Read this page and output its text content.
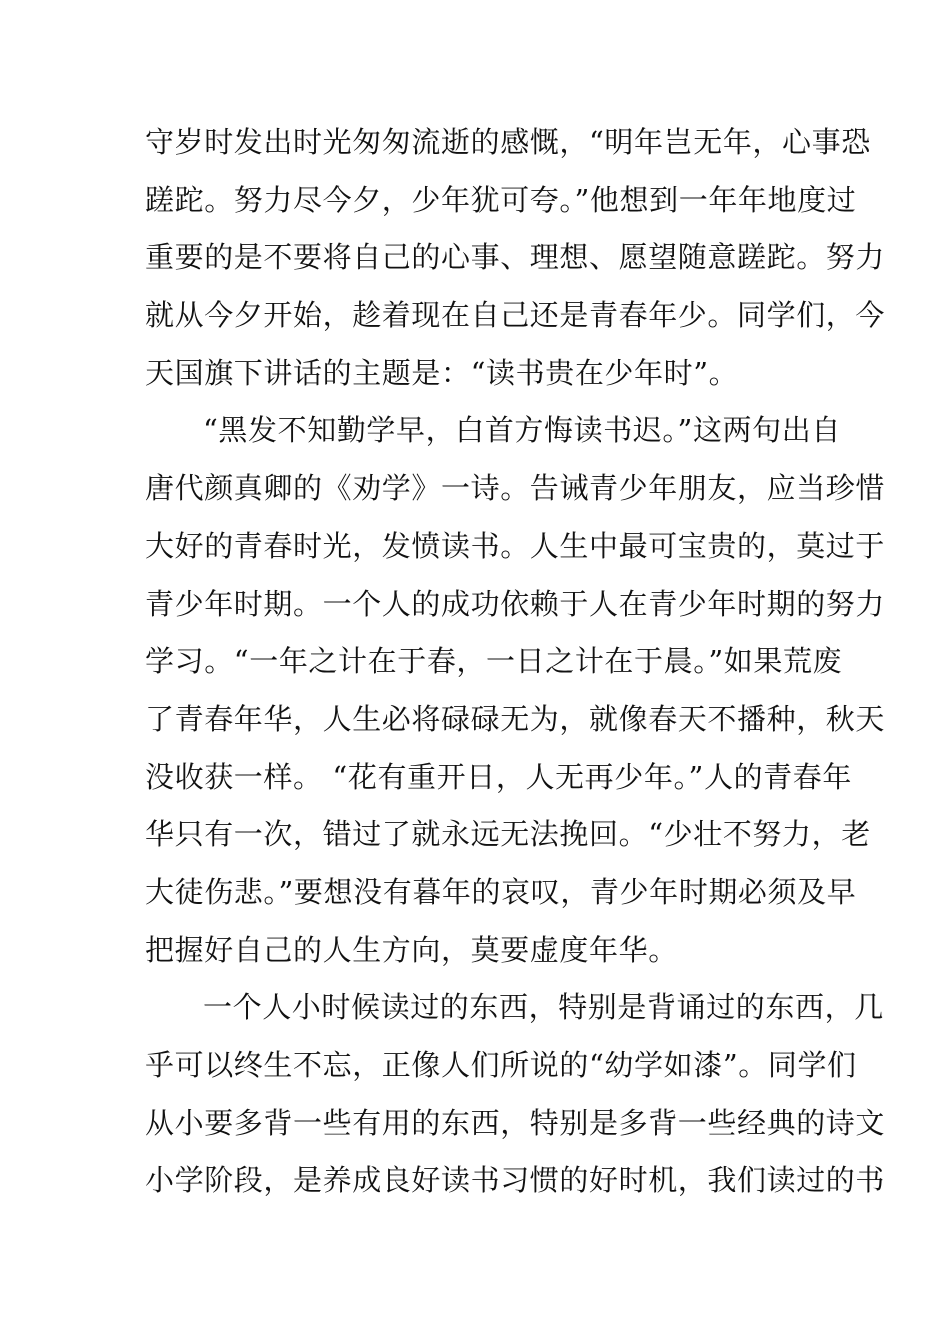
守岁时发出时光匆匆流逝的感慨，“明年岂无年，心事恐
蹉跎。努力尽今夕，少年犹可夸。”他想到一年年地度过
重要的是不要将自己的心事、理想、愿望随意蹉跎。努力
就从今夕开始，趁着现在自己还是青春年少。同学们，今
天国旗下讲话的主题是：“读书贵在少年时”。
“黑发不知勤学早，白首方悔读书迟。”这两句出自
唐代颜真卿的《劝学》一诗。告诫青少年朋友，应当珍惜
大好的青春时光，发愤读书。人生中最可宝贵的，莫过于
青少年时期。一个人的成功依赖于人在青少年时期的努力
学习。“一年之计在于春，一日之计在于晨。”如果荒废
了青春年华，人生必将碌碌无为，就像春天不播种，秋天
没收获一样。 “花有重开日，人无再少年。”人的青春年
华只有一次，错过了就永远无法挽回。“少壮不努力，老
大徒伤悲。”要想没有暮年的哀叹，青少年时期必须及早
把握好自己的人生方向，莫要虚度年华。
一个人小时候读过的东西，特别是背诵过的东西，几
乎可以终生不忘，正像人们所说的“幼学如漆”。同学们
从小要多背一些有用的东西，特别是多背一些经典的诗文
小学阶段，是养成良好读书习惯的好时机，我们读过的书
